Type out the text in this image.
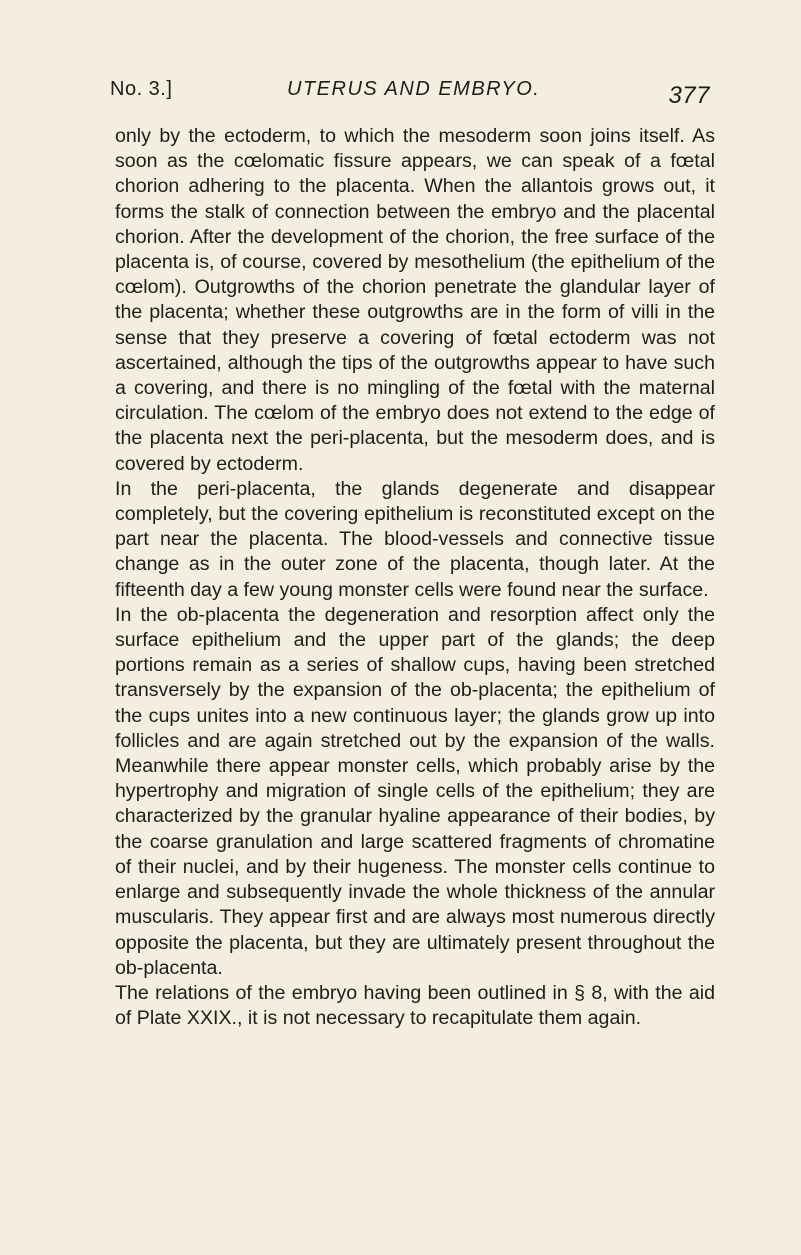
No. 3.]	UTERUS AND EMBRYO.	377

only by the ectoderm, to which the mesoderm soon joins itself. As soon as the cœlomatic fissure appears, we can speak of a fœtal chorion adhering to the placenta. When the allantois grows out, it forms the stalk of connection between the embryo and the placental chorion. After the development of the chorion, the free surface of the placenta is, of course, covered by mesothelium (the epithelium of the cœlom). Outgrowths of the chorion penetrate the glandular layer of the placenta; whether these outgrowths are in the form of villi in the sense that they preserve a covering of fœtal ectoderm was not ascertained, although the tips of the outgrowths appear to have such a covering, and there is no mingling of the fœtal with the maternal circulation. The cœlom of the embryo does not extend to the edge of the placenta next the peri-placenta, but the mesoderm does, and is covered by ectoderm.

In the peri-placenta, the glands degenerate and disappear completely, but the covering epithelium is reconstituted except on the part near the placenta. The blood-vessels and connective tissue change as in the outer zone of the placenta, though later. At the fifteenth day a few young monster cells were found near the surface.

In the ob-placenta the degeneration and resorption affect only the surface epithelium and the upper part of the glands; the deep portions remain as a series of shallow cups, having been stretched transversely by the expansion of the ob-placenta; the epithelium of the cups unites into a new continuous layer; the glands grow up into follicles and are again stretched out by the expansion of the walls. Meanwhile there appear monster cells, which probably arise by the hypertrophy and migration of single cells of the epithelium; they are characterized by the granular hyaline appearance of their bodies, by the coarse granulation and large scattered fragments of chromatine of their nuclei, and by their hugeness. The monster cells continue to enlarge and subsequently invade the whole thickness of the annular muscularis. They appear first and are always most numerous directly opposite the placenta, but they are ultimately present throughout the ob-placenta.

The relations of the embryo having been outlined in § 8, with the aid of Plate XXIX., it is not necessary to recapitulate them again.
